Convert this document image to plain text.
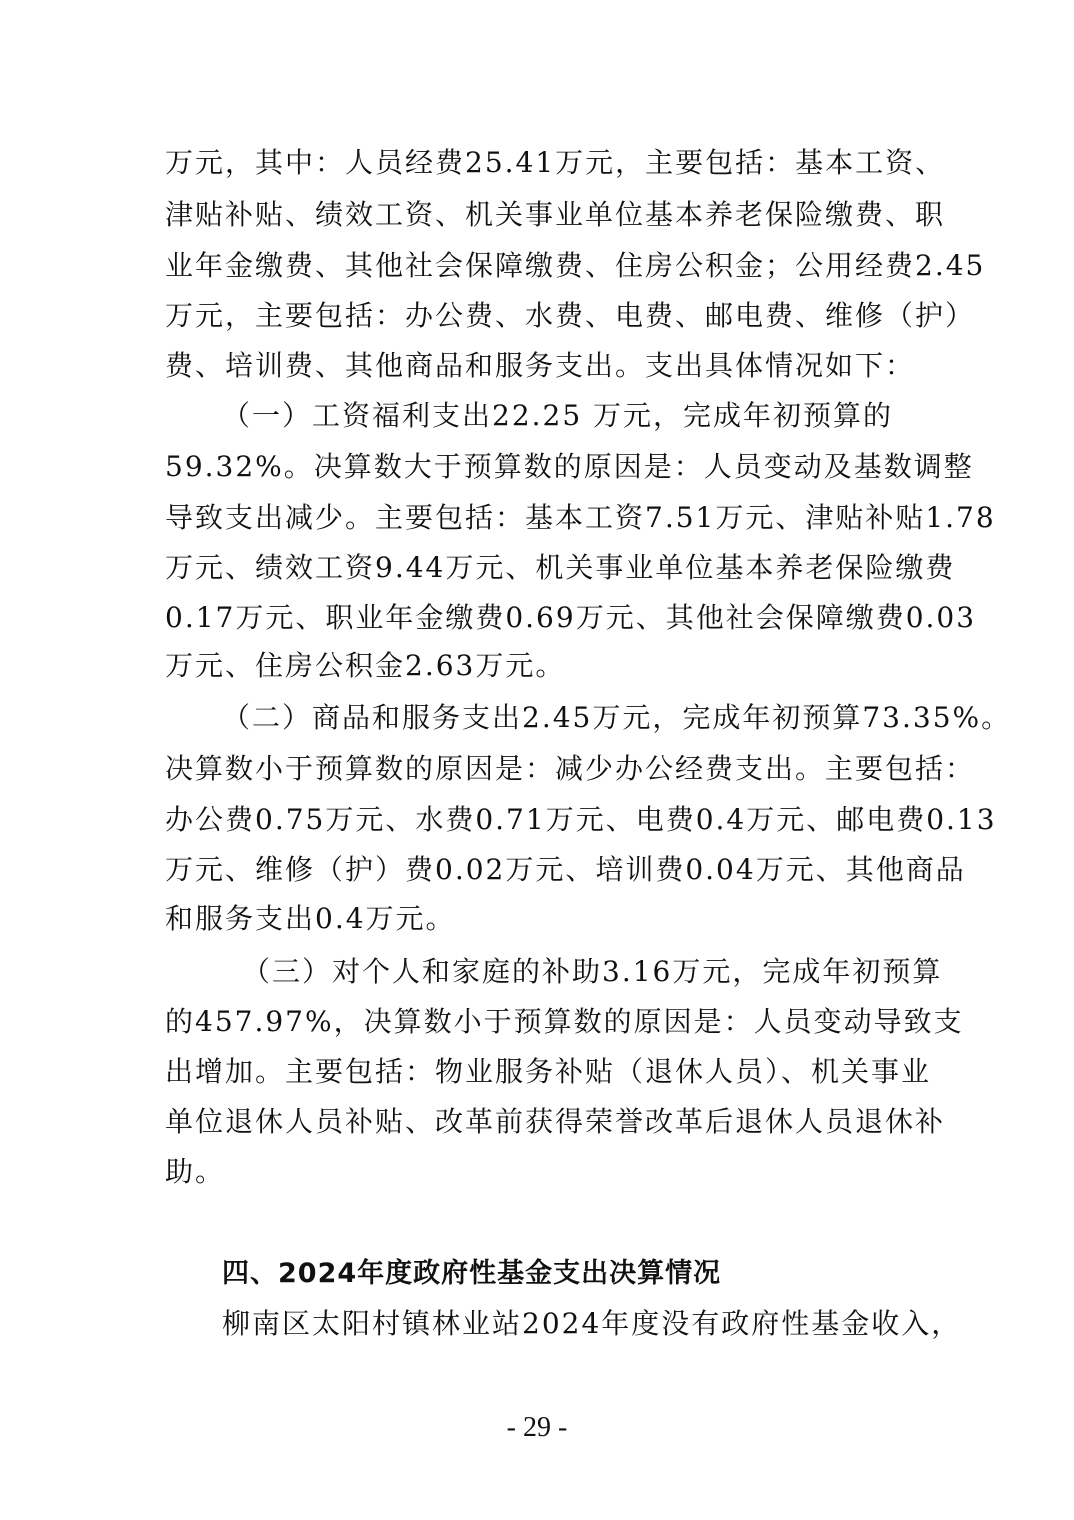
万元，其中：人员经费25.41万元，主要包括：基本工资、
津贴补贴、绩效工资、机关事业单位基本养老保险缴费、职
业年金缴费、其他社会保障缴费、住房公积金；公用经费2.45
万元，主要包括：办公费、水费、电费、邮电费、维修（护）
费、培训费、其他商品和服务支出。支出具体情况如下：
（一）工资福利支出22.25 万元，完成年初预算的
59.32%。决算数大于预算数的原因是：人员变动及基数调整
导致支出减少。主要包括：基本工资7.51万元、津贴补贴1.78
万元、绩效工资9.44万元、机关事业单位基本养老保险缴费
0.17万元、职业年金缴费0.69万元、其他社会保障缴费0.03
万元、住房公积金2.63万元。
（二）商品和服务支出2.45万元，完成年初预算73.35%。
决算数小于预算数的原因是：减少办公经费支出。主要包括：
办公费0.75万元、水费0.71万元、电费0.4万元、邮电费0.13
万元、维修（护）费0.02万元、培训费0.04万元、其他商品
和服务支出0.4万元。
（三）对个人和家庭的补助3.16万元，完成年初预算
的457.97%，决算数小于预算数的原因是：人员变动导致支
出增加。主要包括：物业服务补贴（退休人员）、机关事业
单位退休人员补贴、改革前获得荣誉改革后退休人员退休补
助。
四、2024年度政府性基金支出决算情况
柳南区太阳村镇林业站2024年度没有政府性基金收入，
- 29 -
